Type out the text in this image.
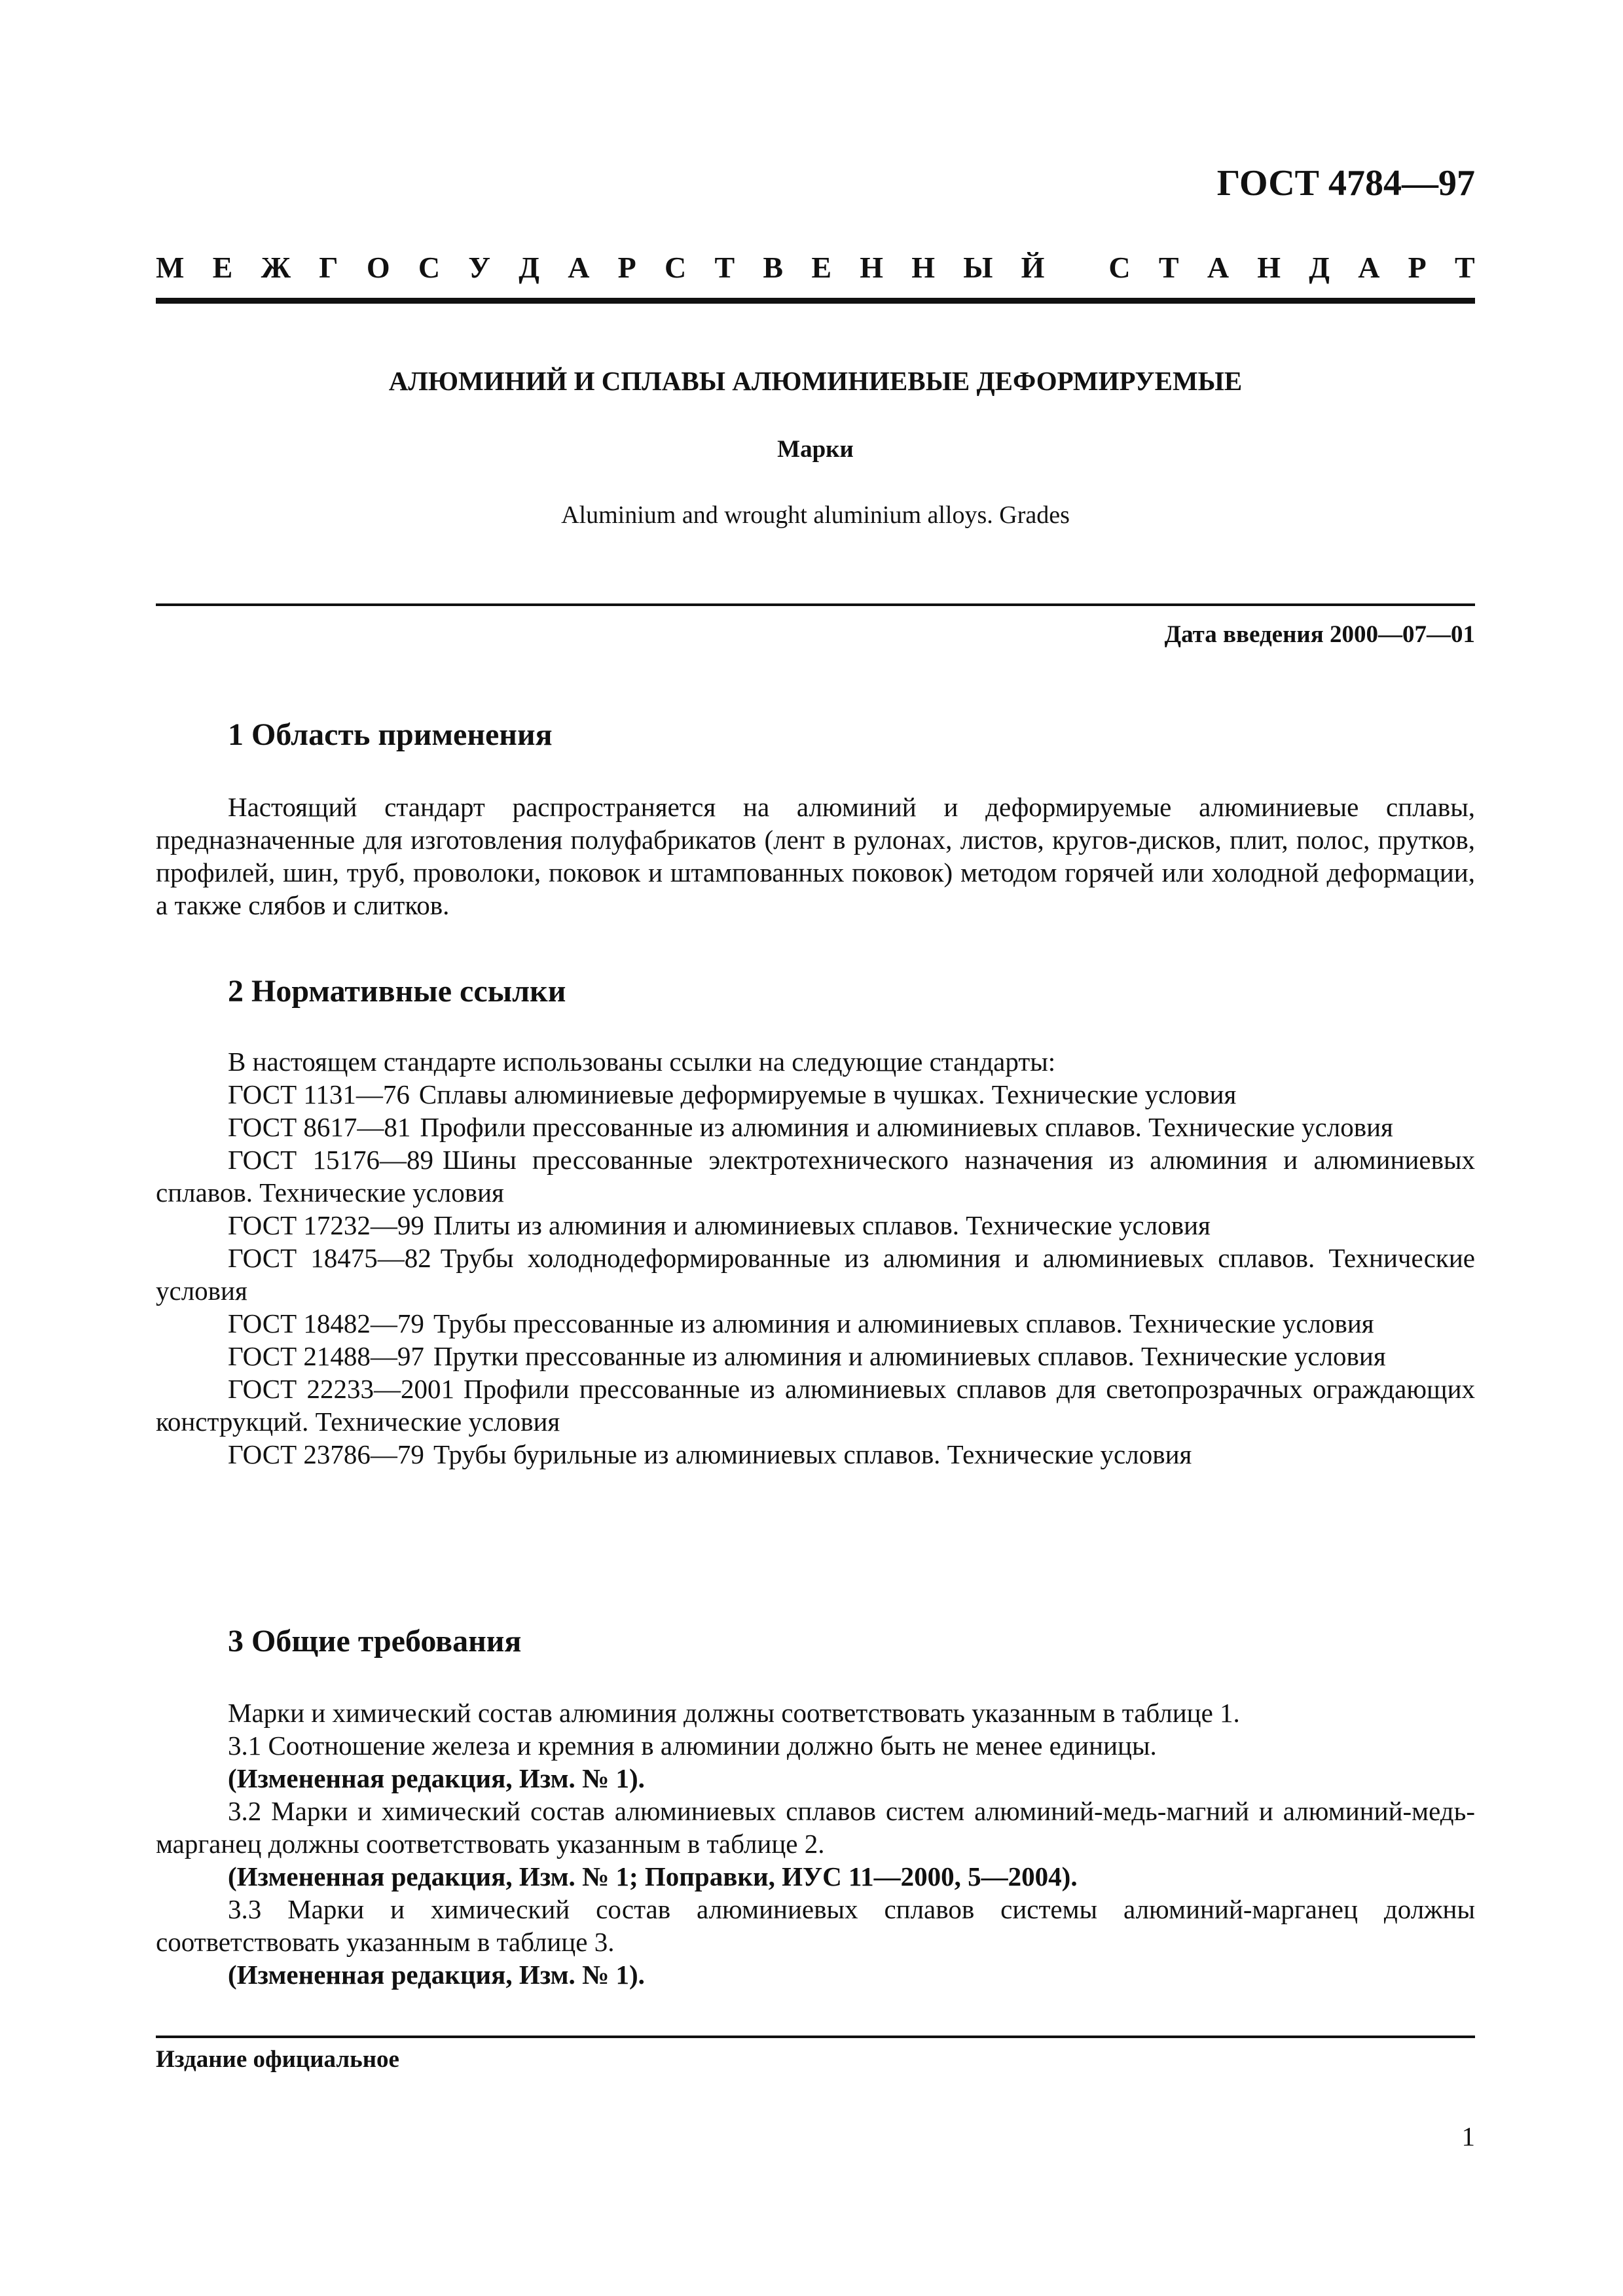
ГОСТ 4784—97
М Е Ж Г О С У Д А Р С Т В Е Н Н Ы Й
С Т А Н Д А Р Т
АЛЮМИНИЙ И СПЛАВЫ АЛЮМИНИЕВЫЕ ДЕФОРМИРУЕМЫЕ
Марки
Aluminium and wrought aluminium alloys. Grades
Дата введения 2000—07—01
1 Область применения

Настоящий стандарт распространяется на алюминий и деформируемые алюминиевые сплавы, предназначенные для изготовления полуфабрикатов (лент в рулонах, листов, кругов-дисков, плит, полос, прутков, профилей, шин, труб, проволоки, поковок и штампованных поковок) методом горячей или холодной деформации, а также слябов и слитков.

2 Нормативные ссылки

В настоящем стандарте использованы ссылки на следующие стандарты:

ГОСТ 1131—76 Сплавы алюминиевые деформируемые в чушках. Технические условия

ГОСТ 8617—81 Профили прессованные из алюминия и алюминиевых сплавов. Технические условия

ГОСТ 15176—89 Шины прессованные электротехнического назначения из алюминия и алюминиевых сплавов. Технические условия

ГОСТ 17232—99 Плиты из алюминия и алюминиевых сплавов. Технические условия

ГОСТ 18475—82 Трубы холоднодеформированные из алюминия и алюминиевых сплавов. Технические условия

ГОСТ 18482—79 Трубы прессованные из алюминия и алюминиевых сплавов. Технические условия

ГОСТ 21488—97 Прутки прессованные из алюминия и алюминиевых сплавов. Технические условия

ГОСТ 22233—2001 Профили прессованные из алюминиевых сплавов для светопрозрачных ограждающих конструкций. Технические условия

ГОСТ 23786—79 Трубы бурильные из алюминиевых сплавов. Технические условия

3 Общие требования

Марки и химический состав алюминия должны соответствовать указанным в таблице 1.

3.1 Соотношение железа и кремния в алюминии должно быть не менее единицы.

(Измененная редакция, Изм. № 1).

3.2 Марки и химический состав алюминиевых сплавов систем алюминий-медь-магний и алюминий-медь-марганец должны соответствовать указанным в таблице 2.

(Измененная редакция, Изм. № 1; Поправки, ИУС 11—2000, 5—2004).

3.3 Марки и химический состав алюминиевых сплавов системы алюминий-марганец должны соответствовать указанным в таблице 3.

(Измененная редакция, Изм. № 1).

Издание официальное
1
